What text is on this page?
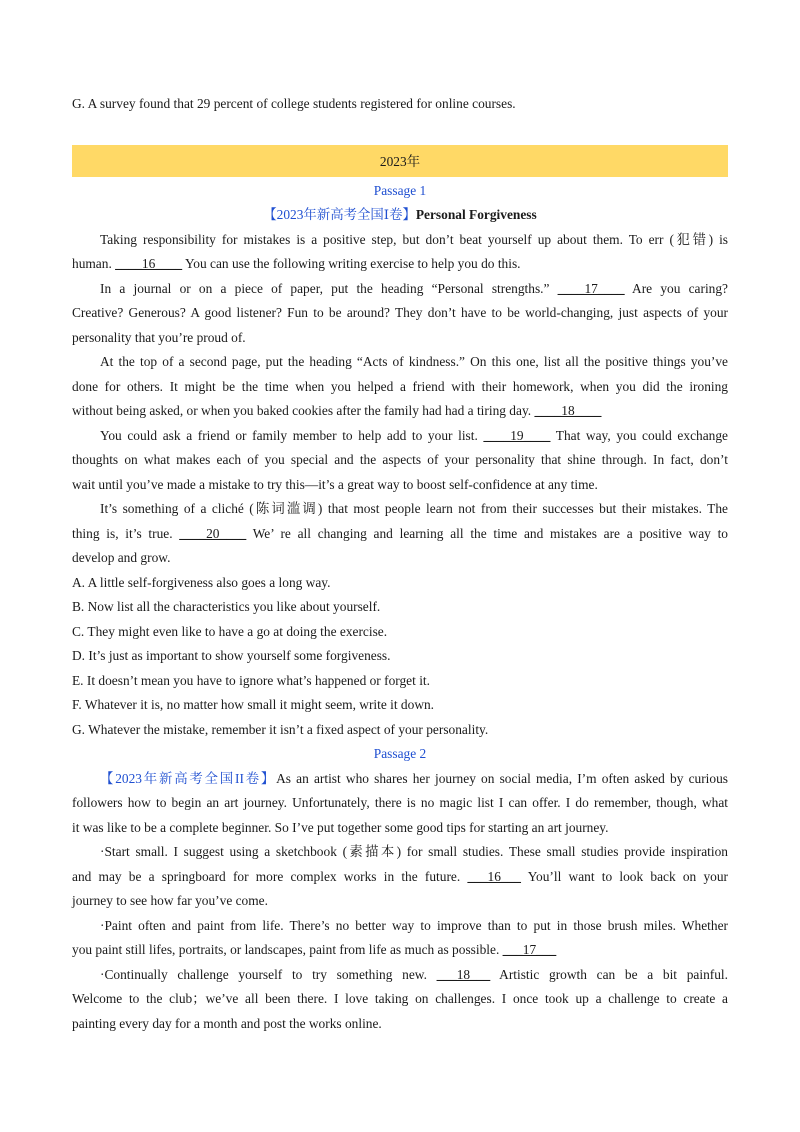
G. A survey found that 29 percent of college students registered for online courses.
2023年
Passage 1
【2023年新高考全国Ⅰ卷】Personal Forgiveness
Taking responsibility for mistakes is a positive step, but don’t beat yourself up about them. To err (犯错) is
human. ____16____ You can use the following writing exercise to help you do this.
In a journal or on a piece of paper, put the heading “Personal strengths.” ____17____ Are you caring?
Creative? Generous? A good listener? Fun to be around? They don’t have to be world-changing, just aspects of your
personality that you’re proud of.
At the top of a second page, put the heading “Acts of kindness.” On this one, list all the positive things you’ve
done for others. It might be the time when you helped a friend with their homework, when you did the ironing
without being asked, or when you baked cookies after the family had had a tiring day. ____18____
You could ask a friend or family member to help add to your list. ____19____ That way, you could exchange
thoughts on what makes each of you special and the aspects of your personality that shine through. In fact, don’t
wait until you’ve made a mistake to try this—it’s a great way to boost self-confidence at any time.
It’s something of a cliché (陈词滥调) that most people learn not from their successes but their mistakes. The
thing is, it’s true. ____20____ We’ re all changing and learning all the time and mistakes are a positive way to
develop and grow.
A. A little self-forgiveness also goes a long way.
B. Now list all the characteristics you like about yourself.
C. They might even like to have a go at doing the exercise.
D. It’s just as important to show yourself some forgiveness.
E. It doesn’t mean you have to ignore what’s happened or forget it.
F. Whatever it is, no matter how small it might seem, write it down.
G. Whatever the mistake, remember it isn’t a fixed aspect of your personality.
Passage 2
【2023年新高考全国II卷】As an artist who shares her journey on social media, I’m often asked by curious
followers how to begin an art journey. Unfortunately, there is no magic list I can offer. I do remember, though, what
it was like to be a complete beginner. So I’ve put together some good tips for starting an art journey.
·Start small. I suggest using a sketchbook (素描本) for small studies. These small studies provide inspiration
and may be a springboard for more complex works in the future. ___16___ You’ll want to look back on your
journey to see how far you’ve come.
·Paint often and paint from life. There’s no better way to improve than to put in those brush miles. Whether
you paint still lifes, portraits, or landscapes, paint from life as much as possible. ___17___
·Continually challenge yourself to try something new. ___18___ Artistic growth can be a bit painful.
Welcome to the club；we’ve all been there. I love taking on challenges. I once took up a challenge to create a
painting every day for a month and post the works online.
